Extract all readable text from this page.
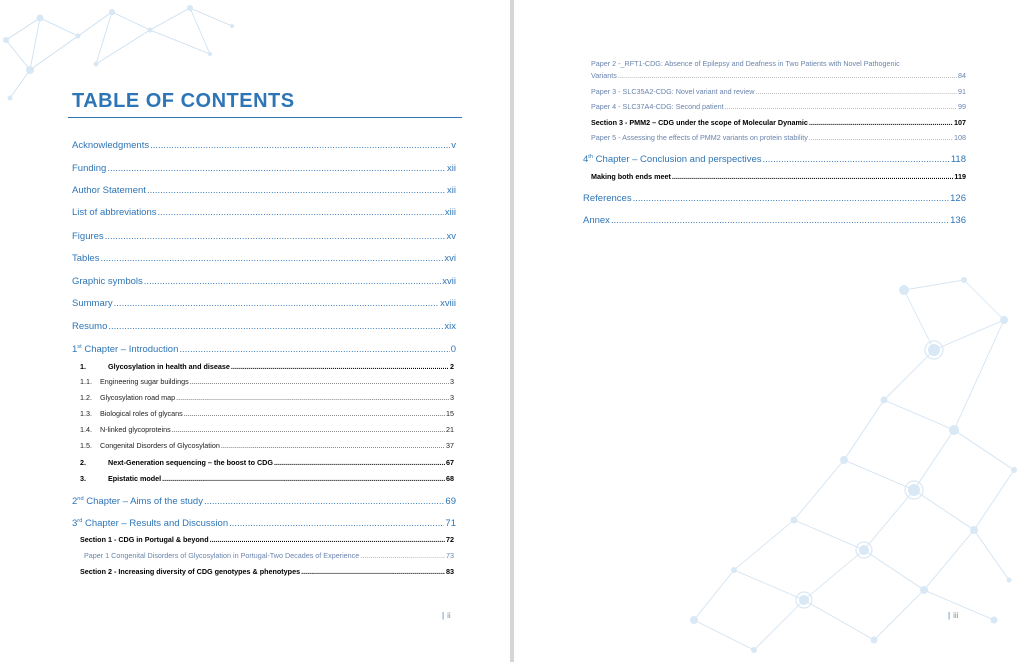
TABLE OF CONTENTS
Acknowledgments .....	v
Funding .....	xii
Author Statement .....	xii
List of abbreviations .....	xiii
Figures .....	xv
Tables .....	xvi
Graphic symbols .....	xvii
Summary .....	xviii
Resumo .....	xix
1st Chapter – Introduction .....	0
1.	Glycosylation in health and disease .....	2
1.1.	Engineering sugar buildings .....	3
1.2.	Glycosylation road map .....	3
1.3.	Biological roles of glycans .....	15
1.4.	N-linked glycoproteins .....	21
1.5.	Congenital Disorders of Glycosylation .....	37
2.	Next-Generation sequencing – the boost to CDG .....	67
3.	Epistatic model .....	68
2nd Chapter – Aims of the study .....	69
3rd Chapter – Results and Discussion .....	71
Section 1 - CDG in Portugal & beyond .....	72
Paper 1 Congenital Disorders of Glycosylation in Portugal-Two Decades of Experience .....	73
Section 2 - Increasing diversity of CDG genotypes & phenotypes .....	83
| ii
Paper 2 -_RFT1-CDG: Absence of Epilepsy and Deafness in Two Patients with Novel Pathogenic
Variants .....	84
Paper 3 - SLC35A2-CDG: Novel variant and review .....	91
Paper 4 - SLC37A4-CDG: Second patient .....	99
Section 3 - PMM2 – CDG under the scope of Molecular Dynamic .....	107
Paper 5 - Assessing the effects of PMM2 variants on protein stability .....	108
4th Chapter – Conclusion and perspectives .....	118
Making both ends meet .....	119
References .....	126
Annex .....	136
| iii
